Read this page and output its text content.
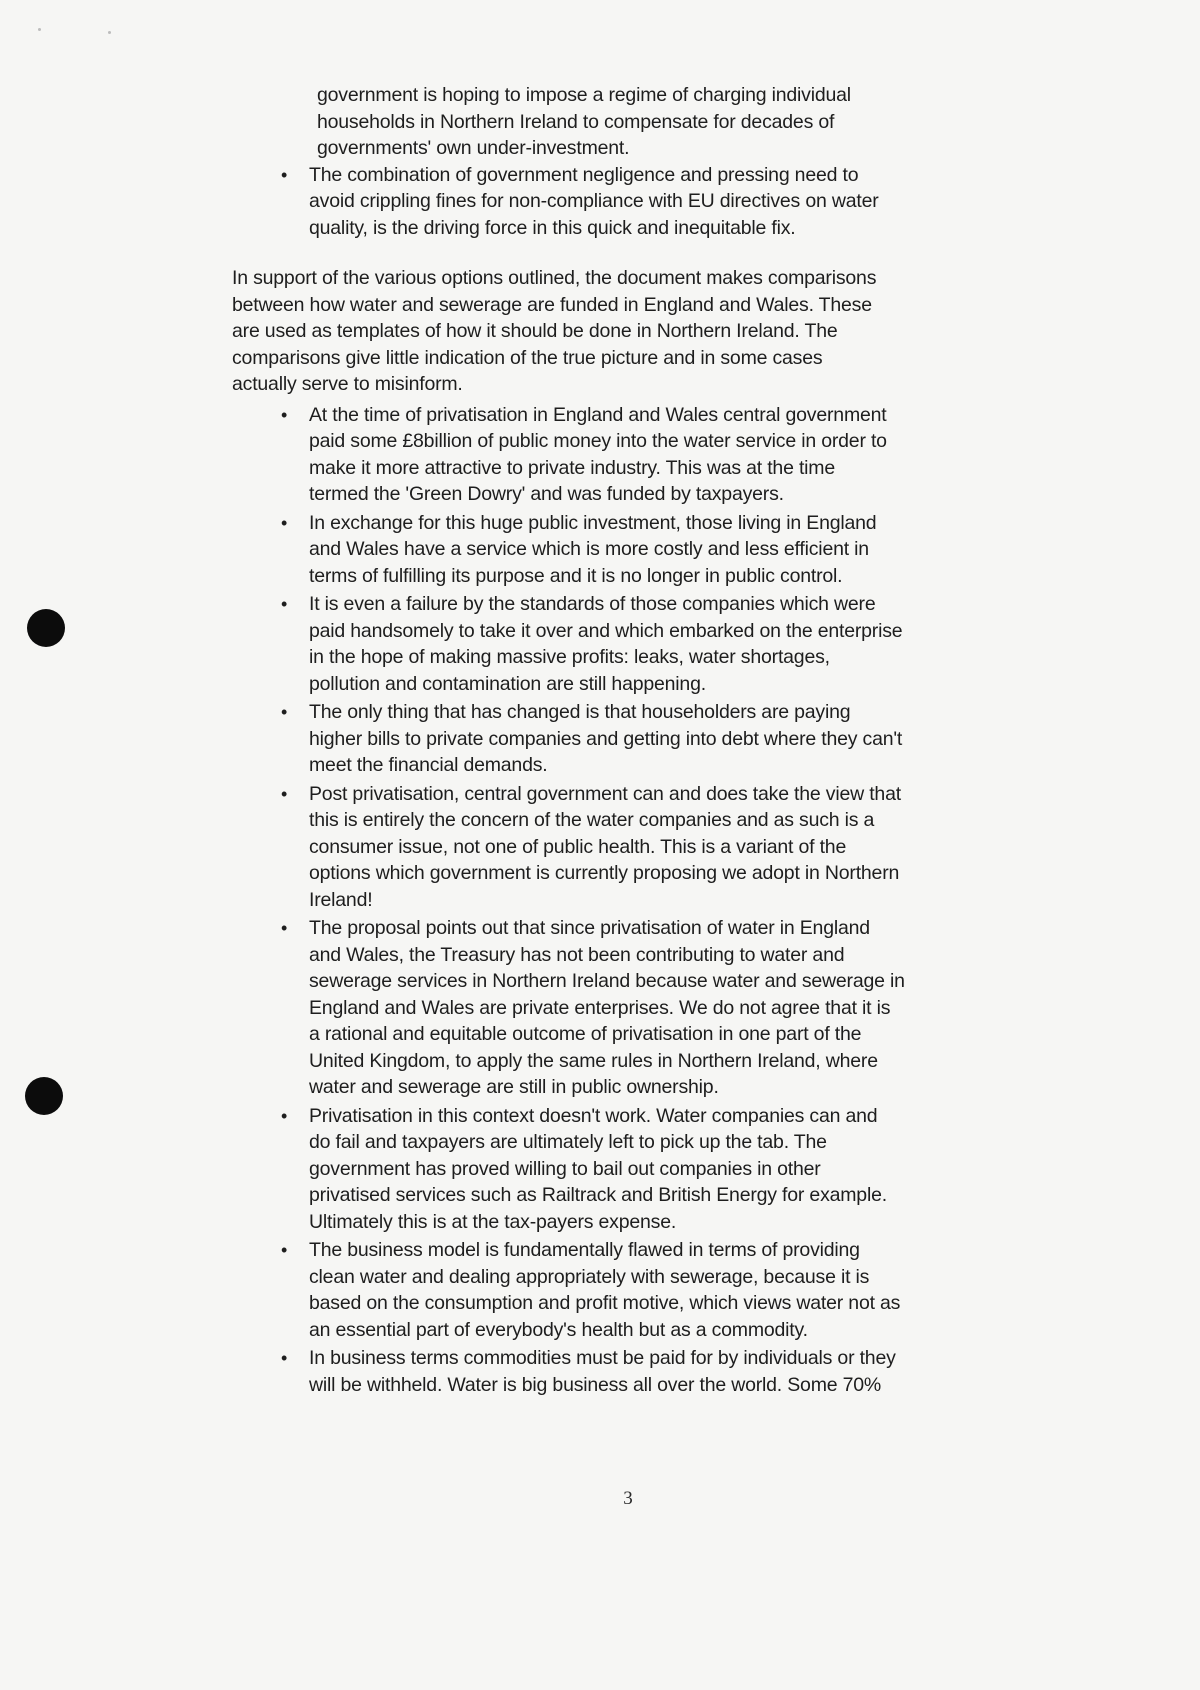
government is hoping to impose a regime of charging individual
households in Northern Ireland to compensate for decades of
governments' own under-investment.
• The combination of government negligence and pressing need to
avoid crippling fines for non-compliance with EU directives on water
quality, is the driving force in this quick and inequitable fix.

In support of the various options outlined, the document makes comparisons
between how water and sewerage are funded in England and Wales. These
are used as templates of how it should be done in Northern Ireland. The
comparisons give little indication of the true picture and in some cases
actually serve to misinform.

• At the time of privatisation in England and Wales central government
paid some £8billion of public money into the water service in order to
make it more attractive to private industry. This was at the time
termed the 'Green Dowry' and was funded by taxpayers.
• In exchange for this huge public investment, those living in England
and Wales have a service which is more costly and less efficient in
terms of fulfilling its purpose and it is no longer in public control.
• It is even a failure by the standards of those companies which were
paid handsomely to take it over and which embarked on the enterprise
in the hope of making massive profits: leaks, water shortages,
pollution and contamination are still happening.
• The only thing that has changed is that householders are paying
higher bills to private companies and getting into debt where they can't
meet the financial demands.
• Post privatisation, central government can and does take the view that
this is entirely the concern of the water companies and as such is a
consumer issue, not one of public health. This is a variant of the
options which government is currently proposing we adopt in Northern
Ireland!
• The proposal points out that since privatisation of water in England
and Wales, the Treasury has not been contributing to water and
sewerage services in Northern Ireland because water and sewerage in
England and Wales are private enterprises. We do not agree that it is
a rational and equitable outcome of privatisation in one part of the
United Kingdom, to apply the same rules in Northern Ireland, where
water and sewerage are still in public ownership.
• Privatisation in this context doesn't work. Water companies can and
do fail and taxpayers are ultimately left to pick up the tab. The
government has proved willing to bail out companies in other
privatised services such as Railtrack and British Energy for example.
Ultimately this is at the tax-payers expense.
• The business model is fundamentally flawed in terms of providing
clean water and dealing appropriately with sewerage, because it is
based on the consumption and profit motive, which views water not as
an essential part of everybody's health but as a commodity.
• In business terms commodities must be paid for by individuals or they
will be withheld. Water is big business all over the world. Some 70%
3
